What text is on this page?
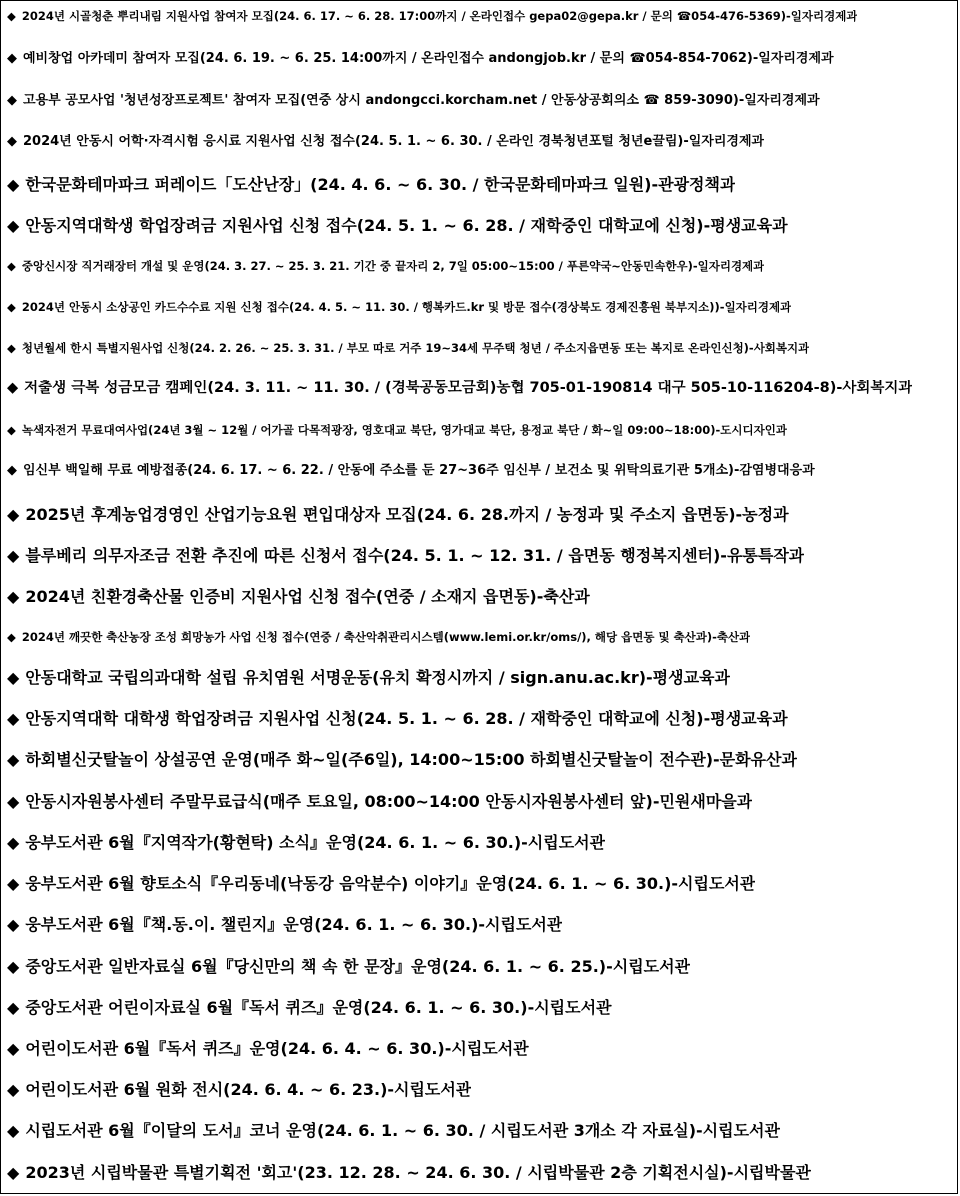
◆ 2024년 시골청춘 뿌리내림 지원사업 참여자 모집(24. 6. 17. ~ 6. 28. 17:00까지 / 온라인접수 gepa02@gepa.kr / 문의 ☎054-476-5369)-일자리경제과
◆ 예비창업 아카데미 참여자 모집(24. 6. 19. ~ 6. 25. 14:00까지 / 온라인접수 andongjob.kr / 문의 ☎054-854-7062)-일자리경제과
◆ 고용부 공모사업 '청년성장프로젝트' 참여자 모집(연중 상시 andongcci.korcham.net / 안동상공회의소 ☎ 859-3090)-일자리경제과
◆ 2024년 안동시 어학·자격시험 응시료 지원사업 신청 접수(24. 5. 1. ~ 6. 30. / 온라인 경북청년포털 청년e끌림)-일자리경제과
◆ 한국문화테마파크 퍼레이드「도산난장」(24. 4. 6. ~ 6. 30. / 한국문화테마파크 일원)-관광정책과
◆ 안동지역대학생 학업장려금 지원사업 신청 접수(24. 5. 1. ~ 6. 28. / 재학중인 대학교에 신청)-평생교육과
◆ 중앙신시장 직거래장터 개설 및 운영(24. 3. 27. ~ 25. 3. 21. 기간 중 끝자리 2, 7일 05:00~15:00 / 푸른약국~안동민속한우)-일자리경제과
◆ 2024년 안동시 소상공인 카드수수료 지원 신청 접수(24. 4. 5. ~ 11. 30. / 행복카드.kr 및 방문 접수(경상북도 경제진흥원 북부지소))-일자리경제과
◆ 청년월세 한시 특별지원사업 신청(24. 2. 26. ~ 25. 3. 31. / 부모 따로 거주 19~34세 무주택 청년 / 주소지읍면동 또는 복지로 온라인신청)-사회복지과
◆ 저출생 극복 성금모금 캠페인(24. 3. 11. ~ 11. 30. / (경북공동모금회)농협 705-01-190814 대구 505-10-116204-8)-사회복지과
◆ 녹색자전거 무료대여사업(24년 3월 ~ 12월 / 어가골 다목적광장, 영호대교 북단, 영가대교 북단, 용정교 북단 / 화~일 09:00~18:00)-도시디자인과
◆ 임신부 백일해 무료 예방접종(24. 6. 17. ~ 6. 22. / 안동에 주소를 둔 27~36주 임신부 / 보건소 및 위탁의료기관 5개소)-감염병대응과
◆ 2025년 후계농업경영인 산업기능요원 편입대상자 모집(24. 6. 28.까지 / 농정과 및 주소지 읍면동)-농정과
◆ 블루베리 의무자조금 전환 추진에 따른 신청서 접수(24. 5. 1. ~ 12. 31. / 읍면동 행정복지센터)-유통특작과
◆ 2024년 친환경축산물 인증비 지원사업 신청 접수(연중 / 소재지 읍면동)-축산과
◆ 2024년 깨끗한 축산농장 조성 희망농가 사업 신청 접수(연중 / 축산악취관리시스템(www.lemi.or.kr/oms/), 해당 읍면동 및 축산과)-축산과
◆ 안동대학교 국립의과대학 설립 유치염원 서명운동(유치 확정시까지 / sign.anu.ac.kr)-평생교육과
◆ 안동지역대학 대학생 학업장려금 지원사업 신청(24. 5. 1. ~ 6. 28. / 재학중인 대학교에 신청)-평생교육과
◆ 하회별신굿탈놀이 상설공연 운영(매주 화~일(주6일), 14:00~15:00 하회별신굿탈놀이 전수관)-문화유산과
◆ 안동시자원봉사센터 주말무료급식(매주 토요일, 08:00~14:00 안동시자원봉사센터 앞)-민원새마을과
◆ 웅부도서관 6월『지역작가(황현탁) 소식』운영(24. 6. 1. ~ 6. 30.)-시립도서관
◆ 웅부도서관 6월 향토소식『우리동네(낙동강 음악분수) 이야기』운영(24. 6. 1. ~ 6. 30.)-시립도서관
◆ 웅부도서관 6월『책.동.이. 챌린지』운영(24. 6. 1. ~ 6. 30.)-시립도서관
◆ 중앙도서관 일반자료실 6월『당신만의 책 속 한 문장』운영(24. 6. 1. ~ 6. 25.)-시립도서관
◆ 중앙도서관 어린이자료실 6월『독서 퀴즈』운영(24. 6. 1. ~ 6. 30.)-시립도서관
◆ 어린이도서관 6월『독서 퀴즈』운영(24. 6. 4. ~ 6. 30.)-시립도서관
◆ 어린이도서관 6월 원화 전시(24. 6. 4. ~ 6. 23.)-시립도서관
◆ 시립도서관 6월『이달의 도서』코너 운영(24. 6. 1. ~ 6. 30. / 시립도서관 3개소 각 자료실)-시립도서관
◆ 2023년 시립박물관 특별기획전 '회고'(23. 12. 28. ~ 24. 6. 30. / 시립박물관 2층 기획전시실)-시립박물관
